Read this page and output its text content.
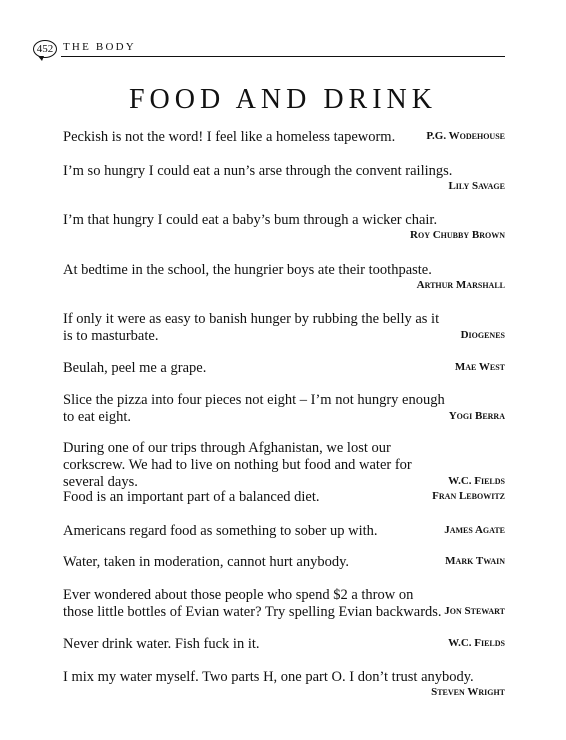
452 THE BODY
FOOD AND DRINK
Peckish is not the word! I feel like a homeless tapeworm.	P.G. Wodehouse
I’m so hungry I could eat a nun’s arse through the convent railings.
Lily Savage
I’m that hungry I could eat a baby’s bum through a wicker chair.
Roy Chubby Brown
At bedtime in the school, the hungrier boys ate their toothpaste.
Arthur Marshall
If only it were as easy to banish hunger by rubbing the belly as it is to masturbate.	Diogenes
Beulah, peel me a grape.	Mae West
Slice the pizza into four pieces not eight – I’m not hungry enough to eat eight.	Yogi Berra
During one of our trips through Afghanistan, we lost our corkscrew. We had to live on nothing but food and water for several days.	W.C. Fields
Food is an important part of a balanced diet.	Fran Lebowitz
Americans regard food as something to sober up with.	James Agate
Water, taken in moderation, cannot hurt anybody.	Mark Twain
Ever wondered about those people who spend $2 a throw on those little bottles of Evian water? Try spelling Evian backwards. Jon Stewart
Never drink water. Fish fuck in it.	W.C. Fields
I mix my water myself. Two parts H, one part O. I don’t trust anybody.
Steven Wright
